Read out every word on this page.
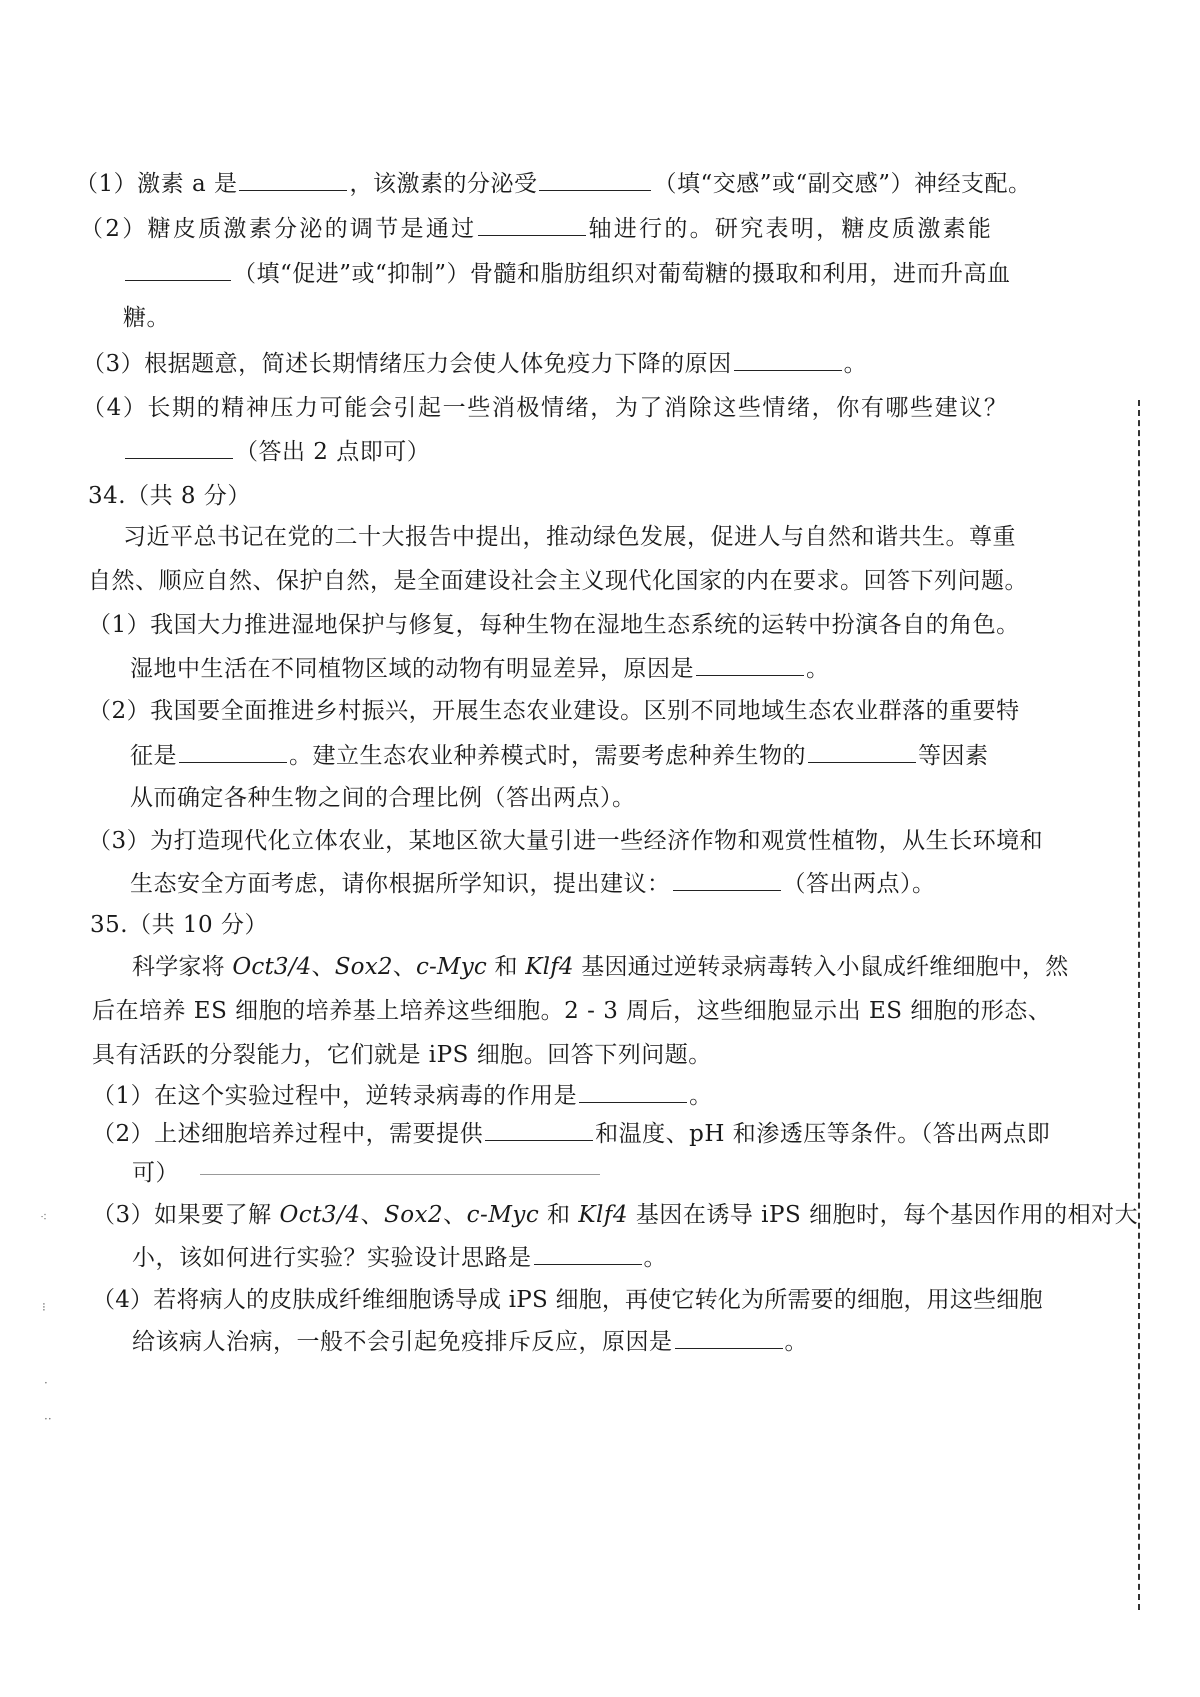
（1）激素 a 是	，该激素的分泌受	（填“交感”或“副交感”）神经支配。
（2）糖皮质激素分泌的调节是通过	轴进行的。研究表明，糖皮质激素能
（填“促进”或“抑制”）骨髓和脂肪组织对葡萄糖的摄取和利用，进而升高血
糖。
（3）根据题意，简述长期情绪压力会使人体免疫力下降的原因	。
（4）长期的精神压力可能会引起一些消极情绪，为了消除这些情绪，你有哪些建议？
（答出 2 点即可）
34.（共 8 分）
习近平总书记在党的二十大报告中提出，推动绿色发展，促进人与自然和谐共生。尊重
自然、顺应自然、保护自然，是全面建设社会主义现代化国家的内在要求。回答下列问题。
（1）我国大力推进湿地保护与修复，每种生物在湿地生态系统的运转中扮演各自的角色。
湿地中生活在不同植物区域的动物有明显差异，原因是	。
（2）我国要全面推进乡村振兴，开展生态农业建设。区别不同地域生态农业群落的重要特
征是	。建立生态农业种养模式时，需要考虑种养生物的	等因素
从而确定各种生物之间的合理比例（答出两点）。
（3）为打造现代化立体农业，某地区欲大量引进一些经济作物和观赏性植物，从生长环境和
生态安全方面考虑，请你根据所学知识，提出建议：	（答出两点）。
35.（共 10 分）
科学家将 Oct3/4、Sox2、c-Myc 和 Klf4 基因通过逆转录病毒转入小鼠成纤维细胞中，然
后在培养 ES 细胞的培养基上培养这些细胞。2 - 3 周后，这些细胞显示出 ES 细胞的形态、
具有活跃的分裂能力，它们就是 iPS 细胞。回答下列问题。
（1）在这个实验过程中，逆转录病毒的作用是	。
（2）上述细胞培养过程中，需要提供	和温度、pH 和渗透压等条件。（答出两点即
可）
（3）如果要了解 Oct3/4、Sox2、c-Myc 和 Klf4 基因在诱导 iPS 细胞时，每个基因作用的相对大
小，该如何进行实验？实验设计思路是	。
（4）若将病人的皮肤成纤维细胞诱导成 iPS 细胞，再使它转化为所需要的细胞，用这些细胞
给该病人治病，一般不会引起免疫排斥反应，原因是	。
⁖
⁝
·
··
